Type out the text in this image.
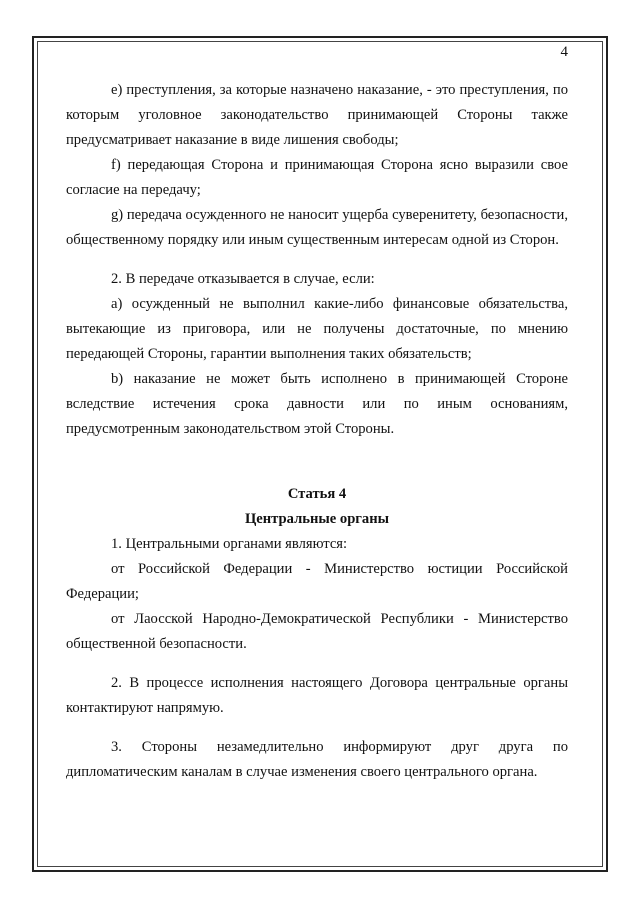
4

е) преступления, за которые назначено наказание, - это преступления, по которым уголовное законодательство принимающей Стороны также предусматривает наказание в виде лишения свободы;

f) передающая Сторона и принимающая Сторона ясно выразили свое согласие на передачу;

g) передача осужденного не наносит ущерба суверенитету, безопасности, общественному порядку или иным существенным интересам одной из Сторон.

2. В передаче отказывается в случае, если:

а) осужденный не выполнил какие-либо финансовые обязательства, вытекающие из приговора, или не получены достаточные, по мнению передающей Стороны, гарантии выполнения таких обязательств;

b) наказание не может быть исполнено в принимающей Стороне вследствие истечения срока давности или по иным основаниям, предусмотренным законодательством этой Стороны.

Статья 4

Центральные органы

1. Центральными органами являются:

от Российской Федерации - Министерство юстиции Российской Федерации;

от Лаосской Народно-Демократической Республики - Министерство общественной безопасности.

2. В процессе исполнения настоящего Договора центральные органы контактируют напрямую.

3. Стороны незамедлительно информируют друг друга по дипломатическим каналам в случае изменения своего центрального органа.
